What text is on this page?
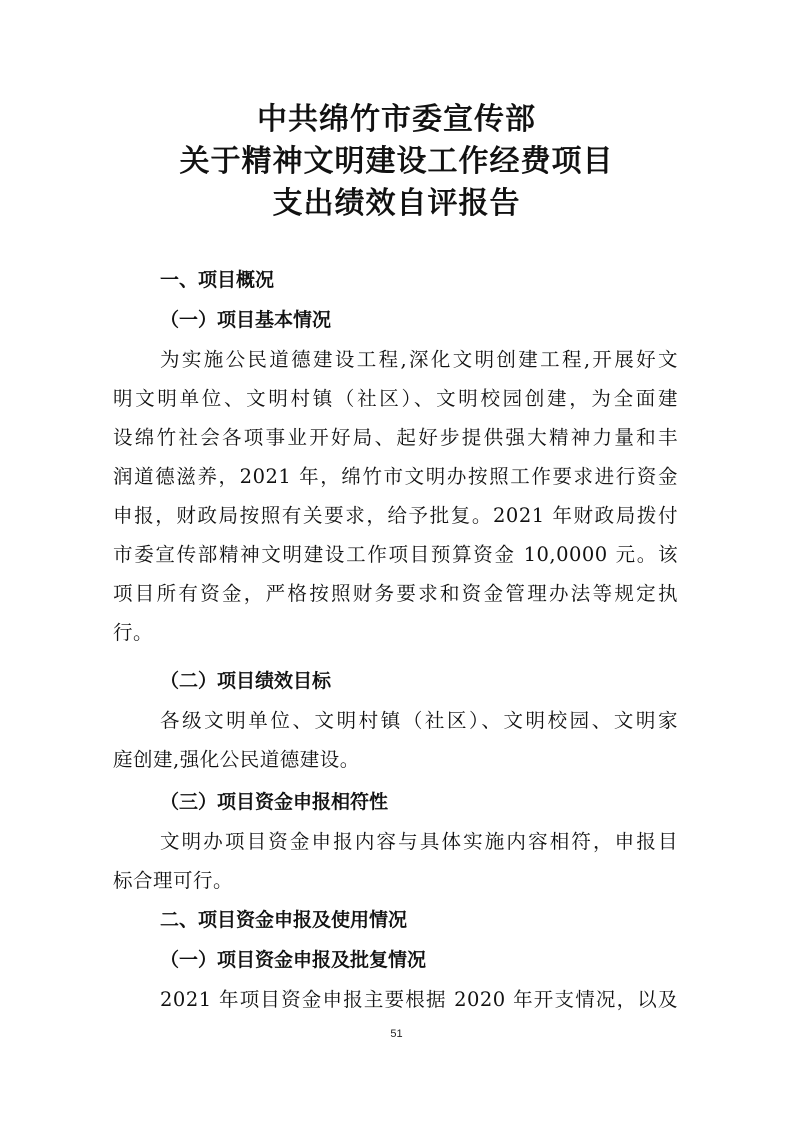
中共绵竹市委宣传部
关于精神文明建设工作经费项目
支出绩效自评报告
一、项目概况
（一）项目基本情况
为实施公民道德建设工程,深化文明创建工程,开展好文
明文明单位、文明村镇（社区）、文明校园创建，为全面建
设绵竹社会各项事业开好局、起好步提供强大精神力量和丰
润道德滋养，2021 年，绵竹市文明办按照工作要求进行资金
申报，财政局按照有关要求，给予批复。2021 年财政局拨付
市委宣传部精神文明建设工作项目预算资金 10,0000 元。该
项目所有资金，严格按照财务要求和资金管理办法等规定执
行。
（二）项目绩效目标
各级文明单位、文明村镇（社区）、文明校园、文明家
庭创建,强化公民道德建设。
（三）项目资金申报相符性
文明办项目资金申报内容与具体实施内容相符，申报目
标合理可行。
二、项目资金申报及使用情况
（一）项目资金申报及批复情况
2021 年项目资金申报主要根据 2020 年开支情况，以及
51
